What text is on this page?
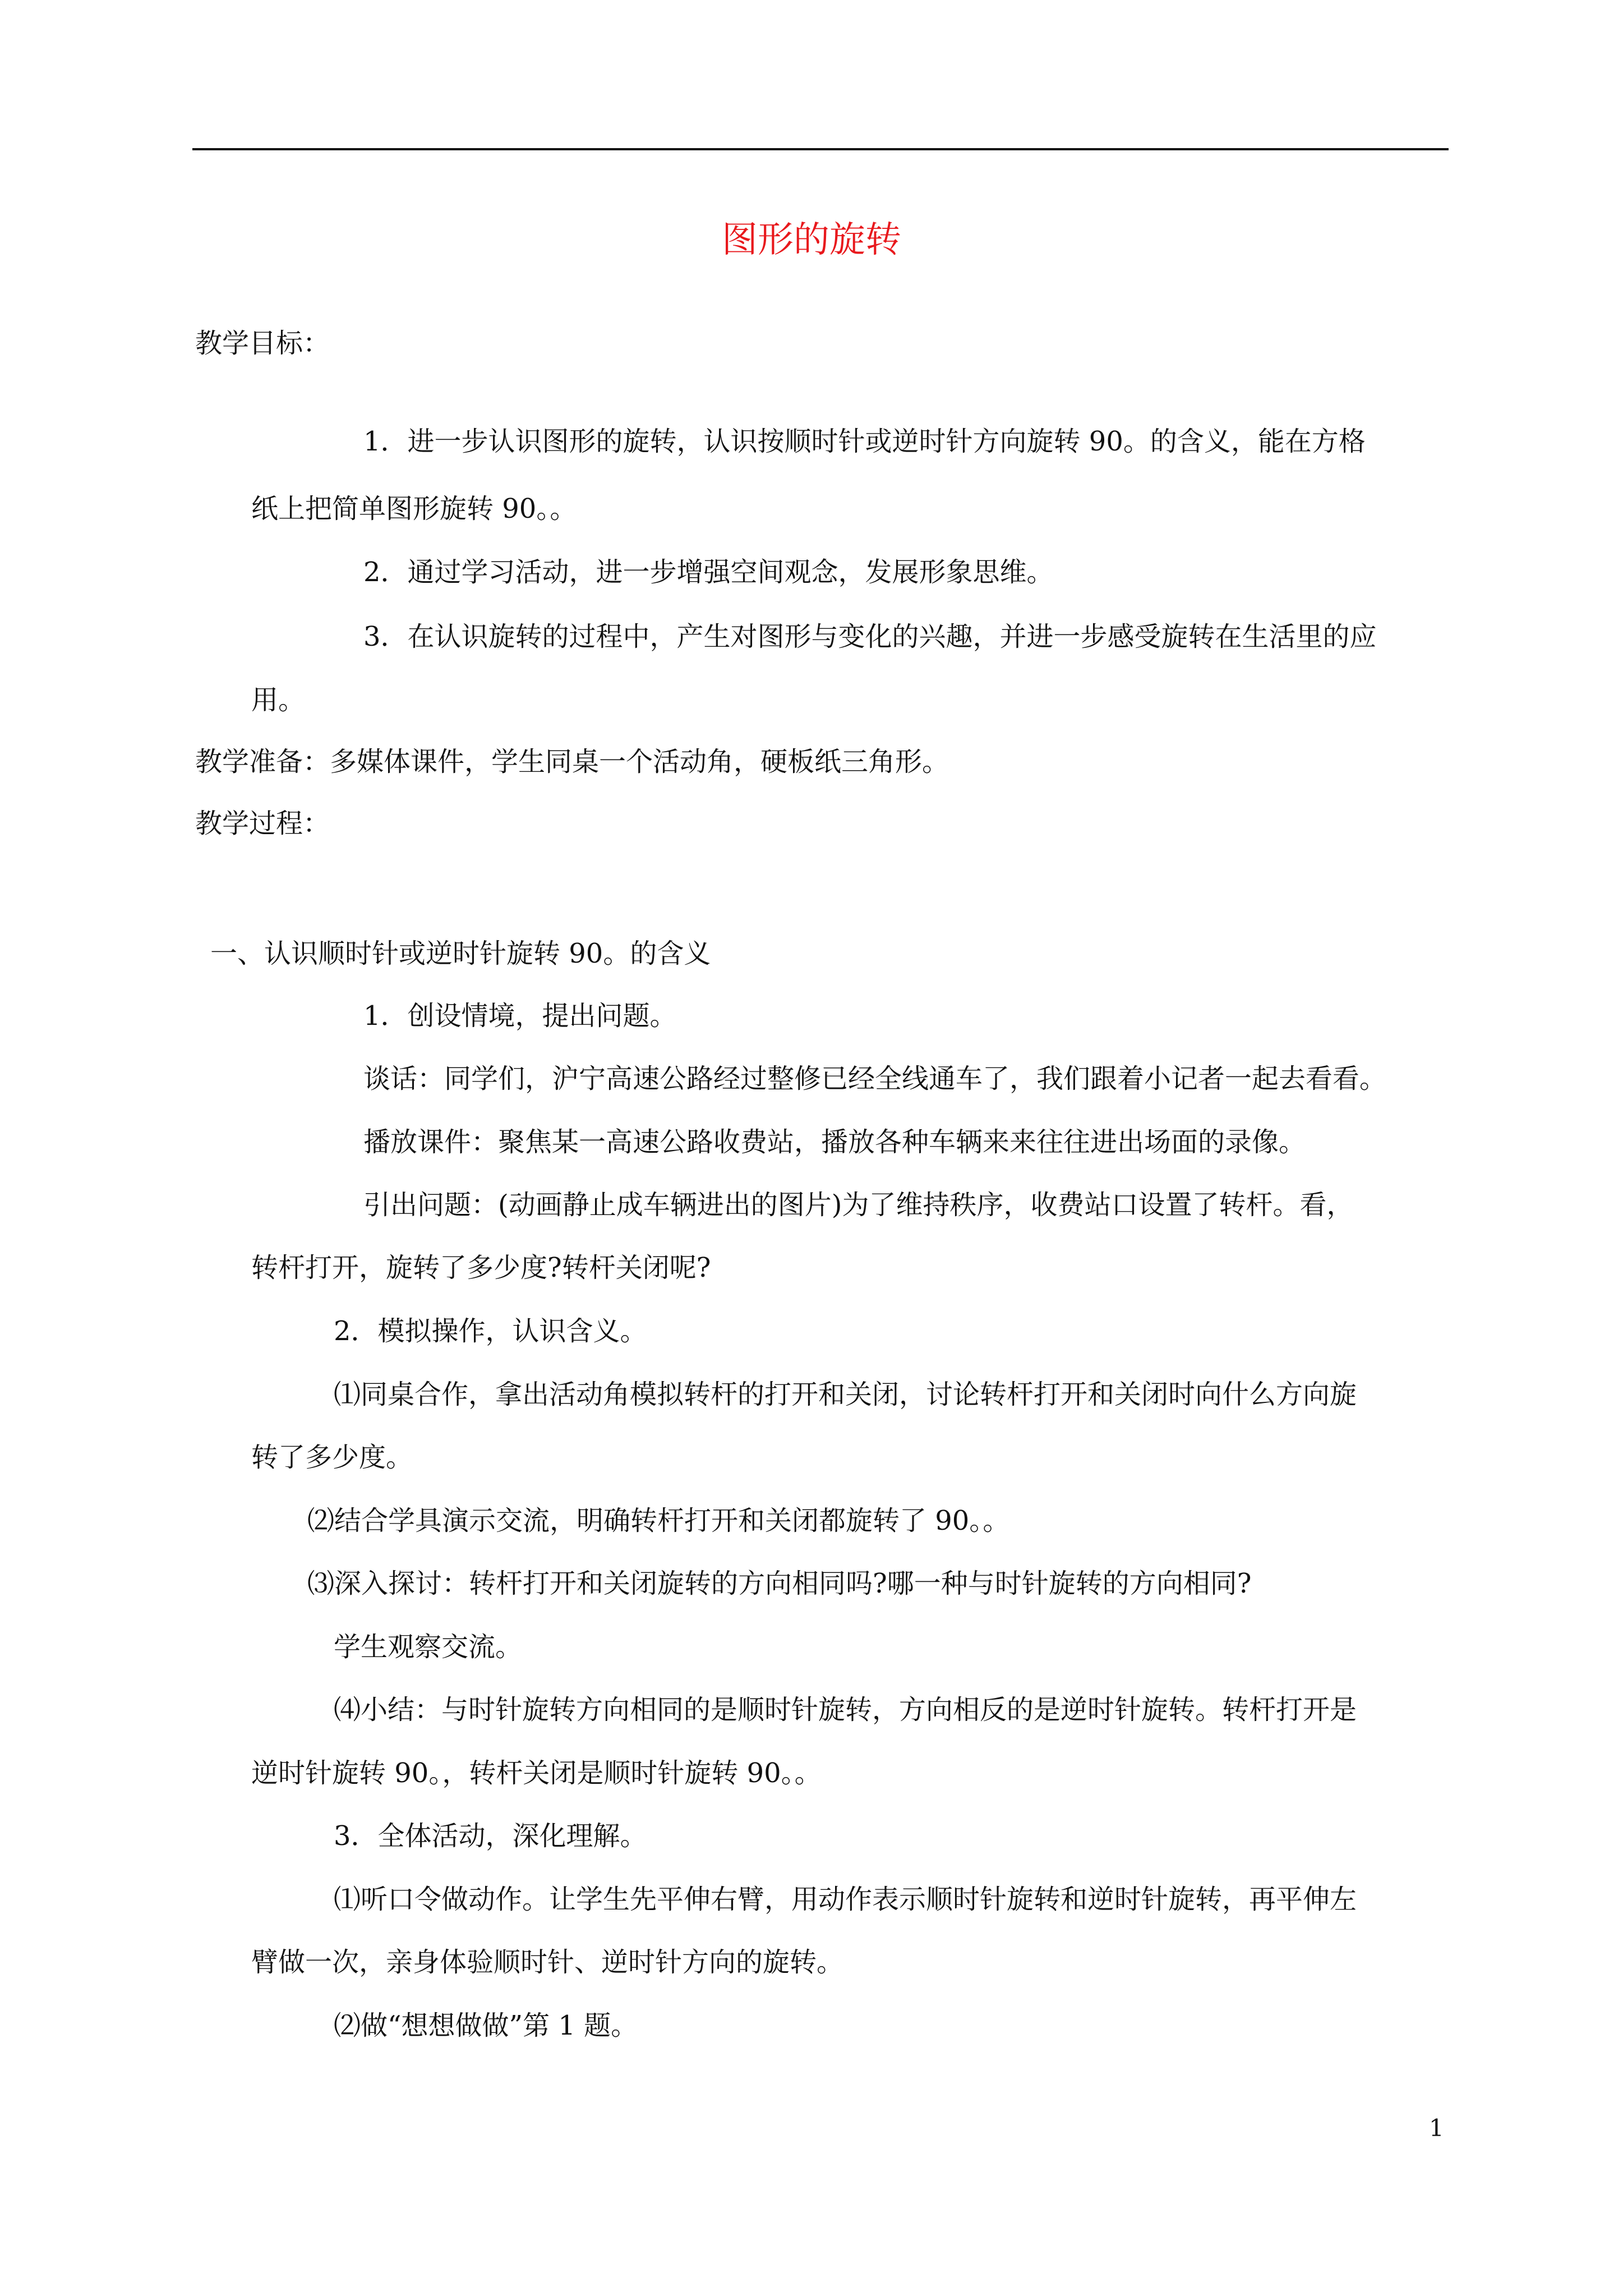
图形的旋转
教学目标：
1．进一步认识图形的旋转，认识按顺时针或逆时针方向旋转 90。的含义，能在方格
纸上把简单图形旋转 90。。
2．通过学习活动，进一步增强空间观念，发展形象思维。
3．在认识旋转的过程中，产生对图形与变化的兴趣，并进一步感受旋转在生活里的应
用。
教学准备：多媒体课件，学生同桌一个活动角，硬板纸三角形。
教学过程：
一、认识顺时针或逆时针旋转 90。的含义
1．创设情境，提出问题。
谈话：同学们，沪宁高速公路经过整修已经全线通车了，我们跟着小记者一起去看看。
播放课件：聚焦某一高速公路收费站，播放各种车辆来来往往进出场面的录像。
引出问题：(动画静止成车辆进出的图片)为了维持秩序，收费站口设置了转杆。看，
转杆打开，旋转了多少度?转杆关闭呢?
2．模拟操作，认识含义。
⑴同桌合作，拿出活动角模拟转杆的打开和关闭，讨论转杆打开和关闭时向什么方向旋
转了多少度。
⑵结合学具演示交流，明确转杆打开和关闭都旋转了 90。。
⑶深入探讨：转杆打开和关闭旋转的方向相同吗?哪一种与时针旋转的方向相同?
学生观察交流。
⑷小结：与时针旋转方向相同的是顺时针旋转，方向相反的是逆时针旋转。转杆打开是
逆时针旋转 90。，转杆关闭是顺时针旋转 90。。
3．全体活动，深化理解。
⑴听口令做动作。让学生先平伸右臂，用动作表示顺时针旋转和逆时针旋转，再平伸左
臂做一次，亲身体验顺时针、逆时针方向的旋转。
⑵做“想想做做”第 1 题。
1
